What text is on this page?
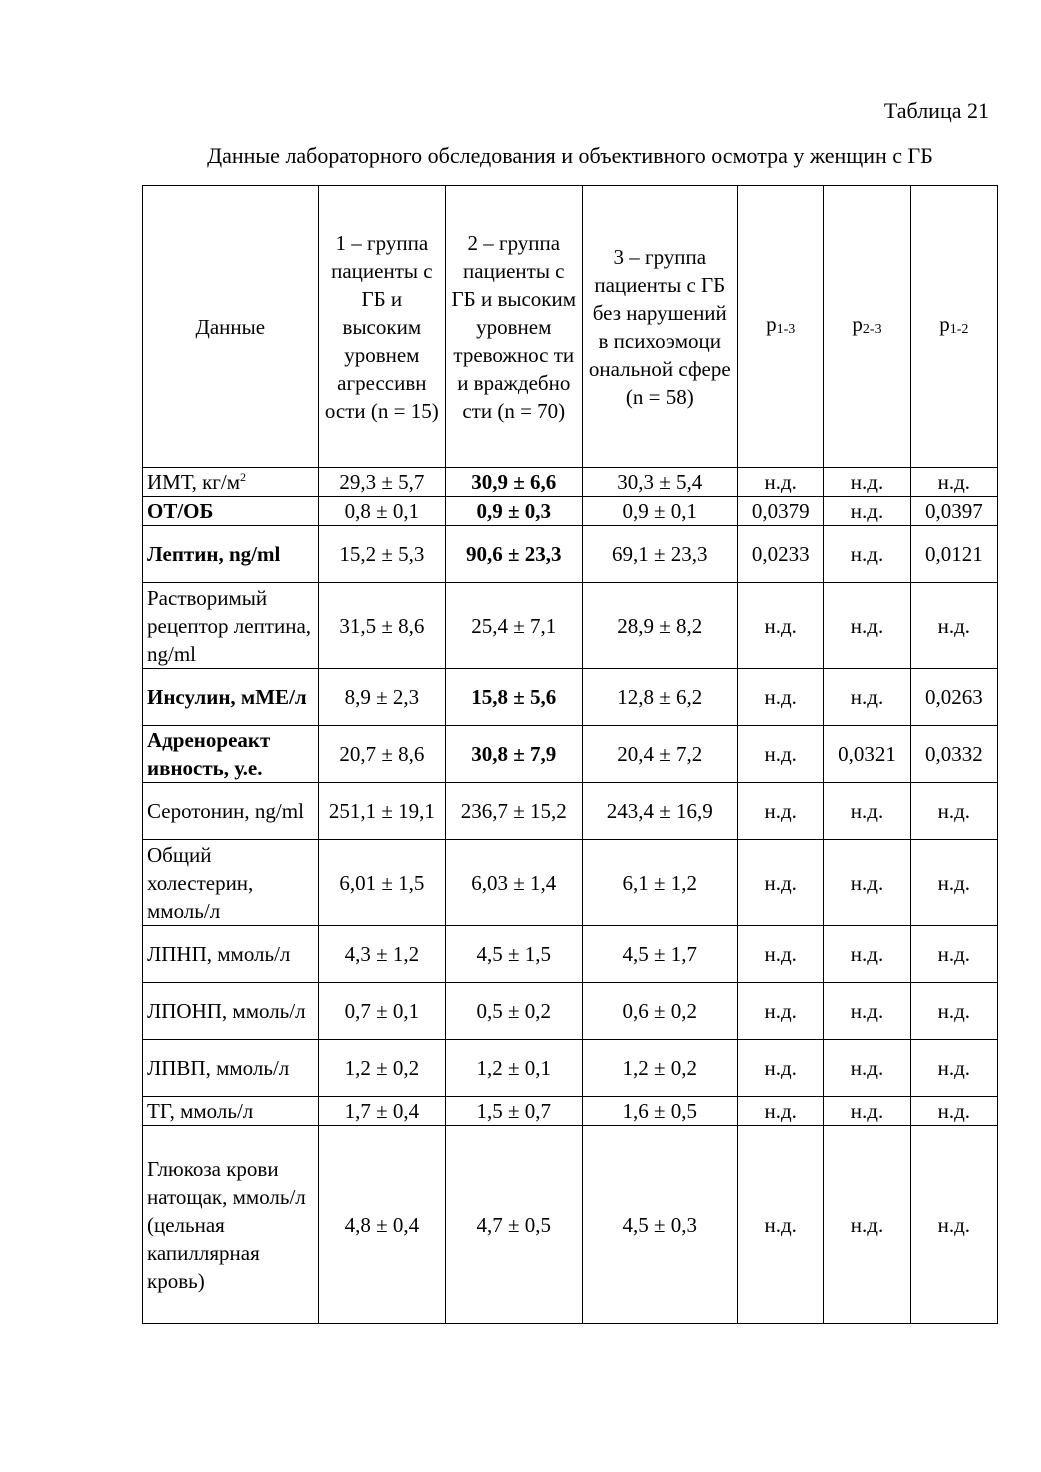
Таблица 21

Данные лабораторного обследования и объективного осмотра у женщин с ГБ

Данные	1 – группа пациенты с ГБ и высоким уровнем агрессивн ости (n = 15)	2 – группа пациенты с ГБ и высоким уровнем тревожнос ти и враждебно сти (n = 70)	3 – группа пациенты с ГБ без нарушений в психоэмоци ональной сфере (n = 58)	$p_{1-3}$	$p_{2-3}$	$p_{1-2}$
ИМТ, $кг/м^2$	29,3 ± 5,7	30,9 ± 6,6	30,3 ± 5,4	н.д.	н.д.	н.д.
ОТ/ОБ	0,8 ± 0,1	0,9 ± 0,3	0,9 ± 0,1	0,0379	н.д.	0,0397
Лептин, ng/ml	15,2 ± 5,3	90,6 ± 23,3	69,1 ± 23,3	0,0233	н.д.	0,0121
Растворимый рецептор лептина, ng/ml	31,5 ± 8,6	25,4 ± 7,1	28,9 ± 8,2	н.д.	н.д.	н.д.
Инсулин, мМЕ/л	8,9 ± 2,3	15,8 ± 5,6	12,8 ± 6,2	н.д.	н.д.	0,0263
Адренореакт ивность, у.е.	20,7 ± 8,6	30,8 ± 7,9	20,4 ± 7,2	н.д.	0,0321	0,0332
Серотонин, ng/ml	251,1 ± 19,1	236,7 ± 15,2	243,4 ± 16,9	н.д.	н.д.	н.д.
Общий холестерин, ммоль/л	6,01 ± 1,5	6,03 ± 1,4	6,1 ± 1,2	н.д.	н.д.	н.д.
ЛПНП, ммоль/л	4,3 ± 1,2	4,5 ± 1,5	4,5 ± 1,7	н.д.	н.д.	н.д.
ЛПОНП, ммоль/л	0,7 ± 0,1	0,5 ± 0,2	0,6 ± 0,2	н.д.	н.д.	н.д.
ЛПВП, ммоль/л	1,2 ± 0,2	1,2 ± 0,1	1,2 ± 0,2	н.д.	н.д.	н.д.
ТГ, ммоль/л	1,7 ± 0,4	1,5 ± 0,7	1,6 ± 0,5	н.д.	н.д.	н.д.
Глюкоза крови натощак, ммоль/л (цельная капиллярная кровь)	4,8 ± 0,4	4,7 ± 0,5	4,5 ± 0,3	н.д.	н.д.	н.д.
